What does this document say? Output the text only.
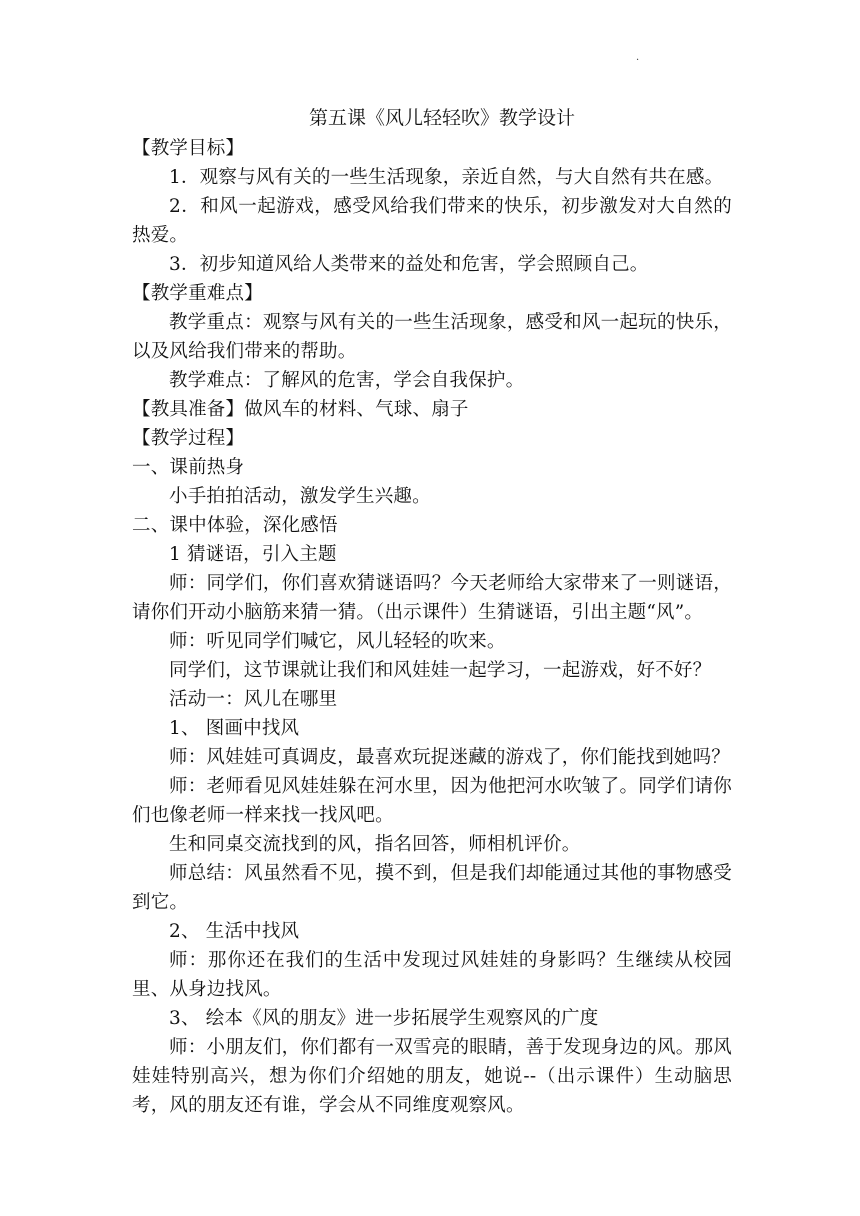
·
第五课《风儿轻轻吹》教学设计

【教学目标】

1．观察与风有关的一些生活现象，亲近自然，与大自然有共在感。

2．和风一起游戏，感受风给我们带来的快乐，初步激发对大自然的热爱。

3．初步知道风给人类带来的益处和危害，学会照顾自己。

【教学重难点】

教学重点：观察与风有关的一些生活现象，感受和风一起玩的快乐，以及风给我们带来的帮助。

教学难点：了解风的危害，学会自我保护。

【教具准备】做风车的材料、气球、扇子

【教学过程】

一、课前热身

小手拍拍活动，激发学生兴趣。

二、课中体验，深化感悟

1 猜谜语，引入主题

师：同学们，你们喜欢猜谜语吗？今天老师给大家带来了一则谜语，请你们开动小脑筋来猜一猜。（出示课件）生猜谜语，引出主题“风”。

师：听见同学们喊它，风儿轻轻的吹来。

同学们，这节课就让我们和风娃娃一起学习，一起游戏，好不好？

活动一：风儿在哪里

1、 图画中找风

师：风娃娃可真调皮，最喜欢玩捉迷藏的游戏了，你们能找到她吗？

师：老师看见风娃娃躲在河水里，因为他把河水吹皱了。同学们请你们也像老师一样来找一找风吧。

生和同桌交流找到的风，指名回答，师相机评价。

师总结：风虽然看不见，摸不到，但是我们却能通过其他的事物感受到它。

2、 生活中找风

师：那你还在我们的生活中发现过风娃娃的身影吗？生继续从校园里、从身边找风。

3、 绘本《风的朋友》进一步拓展学生观察风的广度

师：小朋友们，你们都有一双雪亮的眼睛，善于发现身边的风。那风娃娃特别高兴，想为你们介绍她的朋友，她说--（出示课件）生动脑思考，风的朋友还有谁，学会从不同维度观察风。
